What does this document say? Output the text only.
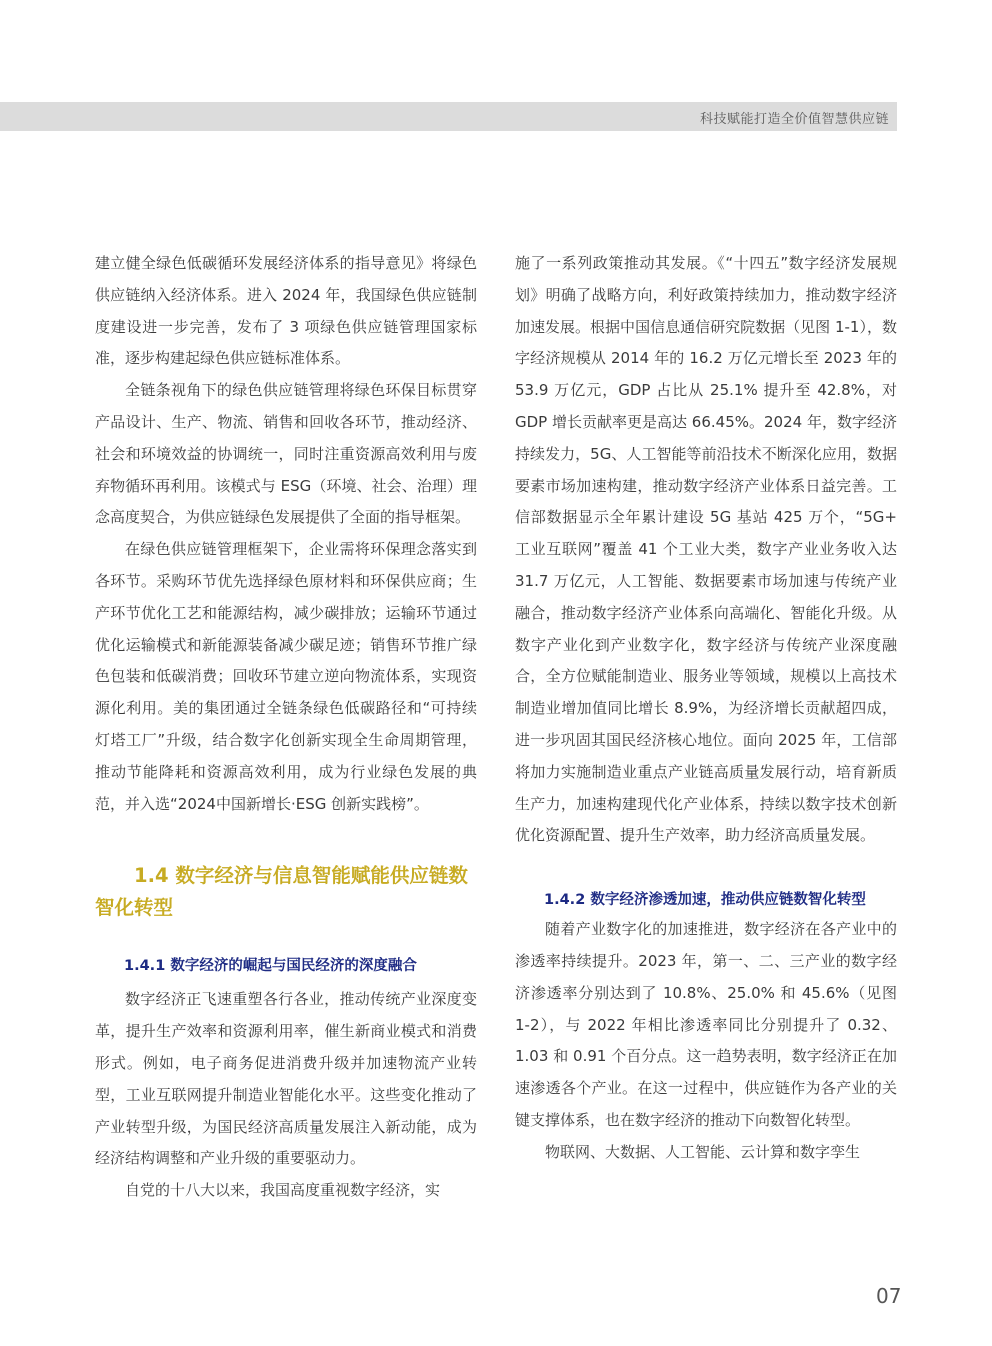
科技赋能打造全价值智慧供应链

建立健全绿色低碳循环发展经济体系的指导意见》将绿色供应链纳入经济体系。进入 2024 年，我国绿色供应链制度建设进一步完善，发布了 3 项绿色供应链管理国家标准，逐步构建起绿色供应链标准体系。

全链条视角下的绿色供应链管理将绿色环保目标贯穿产品设计、生产、物流、销售和回收各环节，推动经济、社会和环境效益的协调统一，同时注重资源高效利用与废弃物循环再利用。该模式与 ESG（环境、社会、治理）理念高度契合，为供应链绿色发展提供了全面的指导框架。

在绿色供应链管理框架下，企业需将环保理念落实到各环节。采购环节优先选择绿色原材料和环保供应商；生产环节优化工艺和能源结构，减少碳排放；运输环节通过优化运输模式和新能源装备减少碳足迹；销售环节推广绿色包装和低碳消费；回收环节建立逆向物流体系，实现资源化利用。美的集团通过全链条绿色低碳路径和“可持续灯塔工厂”升级，结合数字化创新实现全生命周期管理，推动节能降耗和资源高效利用，成为行业绿色发展的典范，并入选“2024中国新增长·ESG 创新实践榜”。

1.4 数字经济与信息智能赋能供应链数智化转型
1.4.1 数字经济的崛起与国民经济的深度融合

数字经济正飞速重塑各行各业，推动传统产业深度变革，提升生产效率和资源利用率，催生新商业模式和消费形式。例如，电子商务促进消费升级并加速物流产业转型，工业互联网提升制造业智能化水平。这些变化推动了产业转型升级，为国民经济高质量发展注入新动能，成为经济结构调整和产业升级的重要驱动力。

自党的十八大以来，我国高度重视数字经济，实

施了一系列政策推动其发展。《“十四五”数字经济发展规划》明确了战略方向，利好政策持续加力，推动数字经济加速发展。根据中国信息通信研究院数据（见图 1-1），数字经济规模从 2014 年的 16.2 万亿元增长至 2023 年的 53.9 万亿元，GDP 占比从 25.1% 提升至 42.8%，对 GDP 增长贡献率更是高达 66.45%。2024 年，数字经济持续发力，5G、人工智能等前沿技术不断深化应用，数据要素市场加速构建，推动数字经济产业体系日益完善。工信部数据显示全年累计建设 5G 基站 425 万个，“5G+ 工业互联网”覆盖 41 个工业大类，数字产业业务收入达 31.7 万亿元，人工智能、数据要素市场加速与传统产业融合，推动数字经济产业体系向高端化、智能化升级。从数字产业化到产业数字化，数字经济与传统产业深度融合，全方位赋能制造业、服务业等领域，规模以上高技术制造业增加值同比增长 8.9%，为经济增长贡献超四成，进一步巩固其国民经济核心地位。面向 2025 年，工信部将加力实施制造业重点产业链高质量发展行动，培育新质生产力，加速构建现代化产业体系，持续以数字技术创新优化资源配置、提升生产效率，助力经济高质量发展。

1.4.2 数字经济渗透加速，推动供应链数智化转型

随着产业数字化的加速推进，数字经济在各产业中的渗透率持续提升。2023 年，第一、二、三产业的数字经济渗透率分别达到了 10.8%、25.0% 和 45.6%（见图 1-2），与 2022 年相比渗透率同比分别提升了 0.32、1.03 和 0.91 个百分点。这一趋势表明，数字经济正在加速渗透各个产业。在这一过程中，供应链作为各产业的关键支撑体系，也在数字经济的推动下向数智化转型。

物联网、大数据、人工智能、云计算和数字孪生

07
